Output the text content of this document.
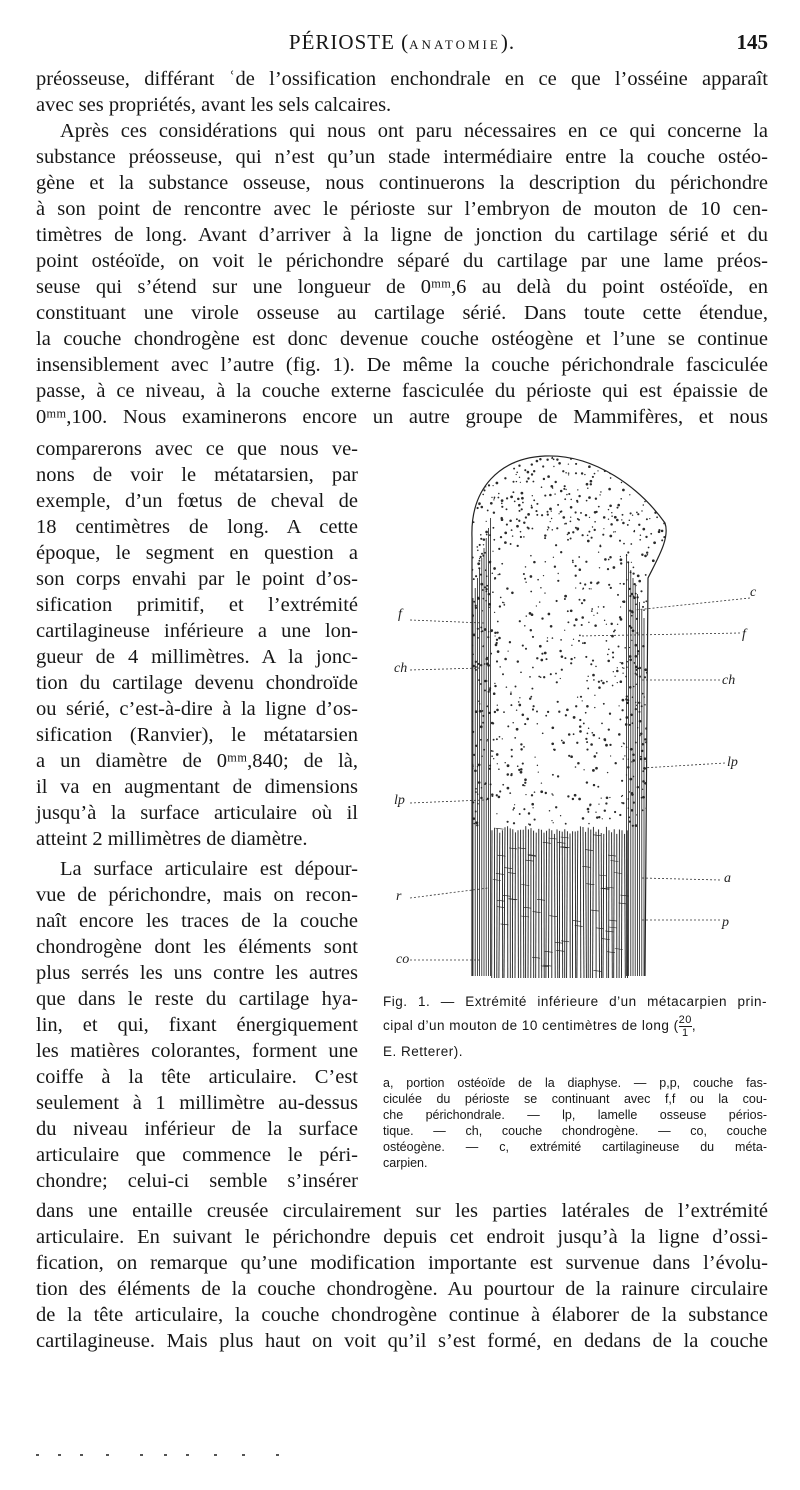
PÉRIOSTE (ANATOMIE).	145
préosseuse, différant ʿde l’ossification enchondrale en ce que l’osséine apparaît
avec ses propriétés, avant les sels calcaires.
Après ces considérations qui nous ont paru nécessaires en ce qui concerne la
substance préosseuse, qui n’est qu’un stade intermédiaire entre la couche ostéo-
gène et la substance osseuse, nous continuerons la description du périchondre
à son point de rencontre avec le périoste sur l’embryon de mouton de 10 cen-
timètres de long. Avant d’arriver à la ligne de jonction du cartilage sérié et du
point ostéoïde, on voit le périchondre séparé du cartilage par une lame préos-
seuse qui s’étend sur une longueur de 0ᵐᵐ,6 au delà du point ostéoïde, en
constituant une virole osseuse au cartilage sérié. Dans toute cette étendue,
la couche chondrogène est donc devenue couche ostéogène et l’une se continue
insensiblement avec l’autre (fig. 1). De même la couche périchondrale fasciculée
passe, à ce niveau, à la couche externe fasciculée du périoste qui est épaissie de
0ᵐᵐ,100. Nous examinerons encore un autre groupe de Mammifères, et nous
comparerons avec ce que nous ve-
nons de voir le métatarsien, par
exemple, d’un fœtus de cheval de
18 centimètres de long. A cette
époque, le segment en question a
son corps envahi par le point d’os-
sification primitif, et l’extrémité
cartilagineuse inférieure a une lon-
gueur de 4 millimètres. A la jonc-
tion du cartilage devenu chondroïde
ou sérié, c’est-à-dire à la ligne d’os-
sification (Ranvier), le métatarsien
a un diamètre de 0ᵐᵐ,840; de là,
il va en augmentant de dimensions
jusqu’à la surface articulaire où il
atteint 2 millimètres de diamètre.
La surface articulaire est dépour-
vue de périchondre, mais on recon-
naît encore les traces de la couche
chondrogène dont les éléments sont
plus serrés les uns contre les autres
que dans le reste du cartilage hya-
lin, et qui, fixant énergiquement
les matières colorantes, forment une
coiffe à la tête articulaire. C’est
seulement à 1 millimètre au-dessus
du niveau inférieur de la surface
articulaire que commence le péri-
chondre; celui-ci semble s’insérer
f
ch
lp
r
co
c
f
ch
lp
a
p
Fig. 1. — Extrémité inférieure d’un métacarpien prin-
cipal d’un mouton de 10 centimètres de long ( $\frac{20}{1}$ ,
E. Retterer).
a, portion ostéoïde de la diaphyse. — p,p, couche fas-
ciculée du périoste se continuant avec f,f ou la cou-
che périchondrale. — lp, lamelle osseuse périos-
tique. — ch, couche chondrogène. — co, couche
ostéogène. — c, extrémité cartilagineuse du méta-
carpien.
dans une entaille creusée circulairement sur les parties latérales de l’extrémité
articulaire. En suivant le périchondre depuis cet endroit jusqu’à la ligne d’ossi-
fication, on remarque qu’une modification importante est survenue dans l’évolu-
tion des éléments de la couche chondrogène. Au pourtour de la rainure circulaire
de la tête articulaire, la couche chondrogène continue à élaborer de la substance
cartilagineuse. Mais plus haut on voit qu’il s’est formé, en dedans de la couche
